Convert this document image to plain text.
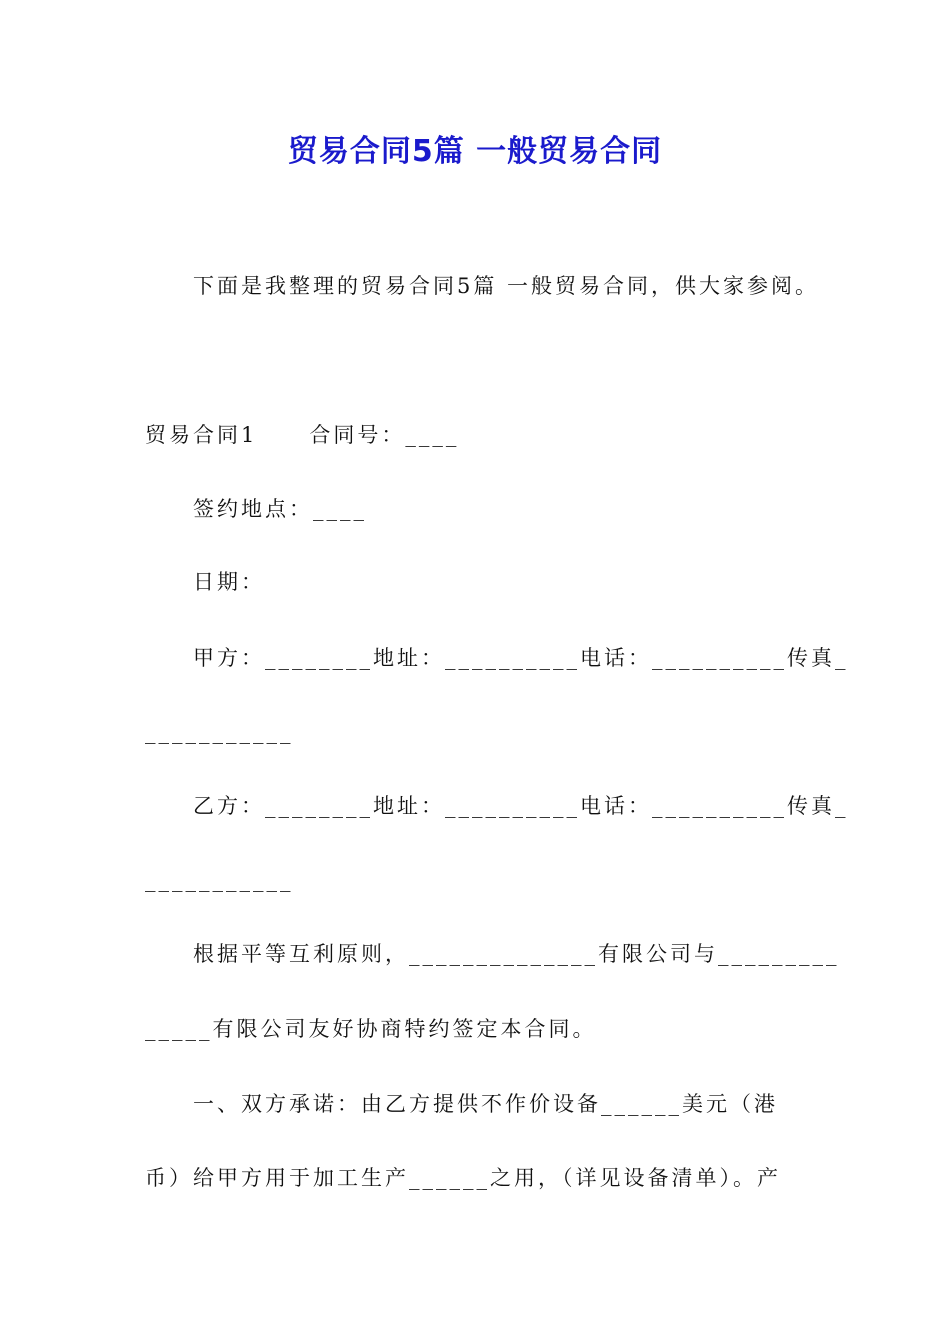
贸易合同5篇 一般贸易合同
下面是我整理的贸易合同5篇 一般贸易合同，供大家参阅。
贸易合同1 合同号：____
签约地点：____
日期：
甲方：________地址：__________电话：__________传真_
___________
乙方：________地址：__________电话：__________传真_
___________
根据平等互利原则，______________有限公司与_________
_____有限公司友好协商特约签定本合同。
一、双方承诺：由乙方提供不作价设备______美元（港
币）给甲方用于加工生产______之用，（详见设备清单）。产
